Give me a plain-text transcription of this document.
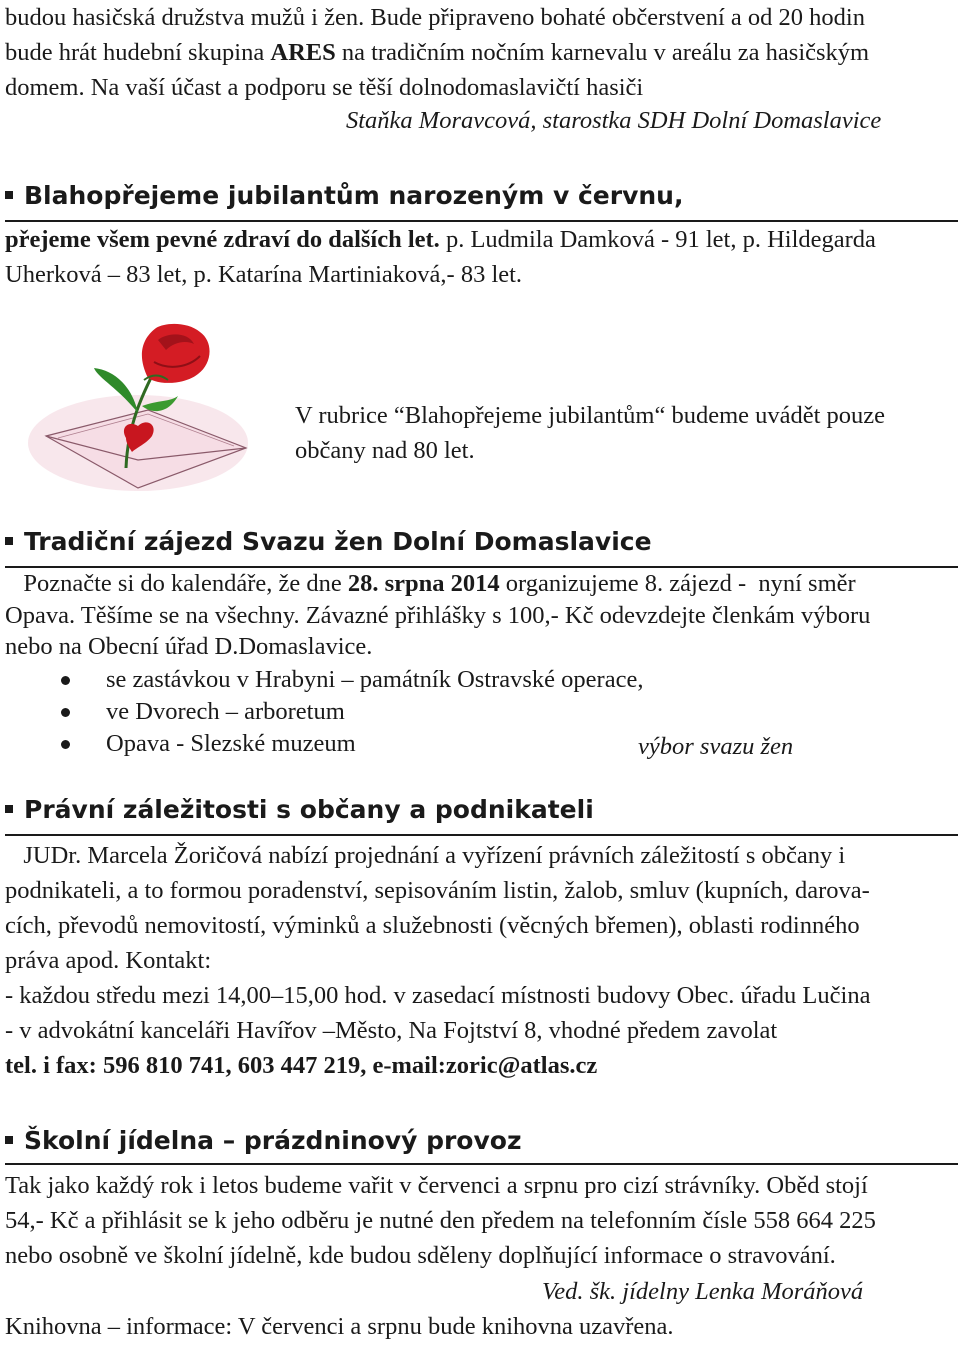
budou hasičská družstva mužů i žen. Bude připraveno bohaté občerstvení a od 20 hodin
bude hrát hudební skupina ARES na tradičním nočním karnevalu v areálu za hasičským
domem. Na vaší účast a podporu se těší dolnodomaslavičtí hasiči
Staňka Moravcová, starostka SDH Dolní Domaslavice
Blahopřejeme jubilantům narozeným v červnu,
přejeme všem pevné zdraví do dalších let. p. Ludmila Damková - 91 let, p. Hildegarda
Uherková – 83 let, p. Katarína Martiniaková,- 83 let.
V rubrice “Blahopřejeme jubilantům“ budeme uvádět pouze
občany nad 80 let.
Tradiční zájezd Svazu žen Dolní Domaslavice
Poznačte si do kalendáře, že dne 28. srpna 2014 organizujeme 8. zájezd -  nyní směr
Opava. Těšíme se na všechny. Závazné přihlášky s 100,- Kč odevzdejte členkám výboru
nebo na Obecní úřad D.Domaslavice.
se zastávkou v Hrabyni – památník Ostravské operace,
ve Dvorech – arboretum
Opava - Slezské muzeum	výbor svazu žen
Právní záležitosti s občany a podnikateli
JUDr. Marcela Žoričová nabízí projednání a vyřízení právních záležitostí s občany i
podnikateli, a to formou poradenství, sepisováním listin, žalob, smluv (kupních, darova-
cích, převodů nemovitostí, výminků a služebnosti (věcných břemen), oblasti rodinného
práva apod. Kontakt:
- každou středu mezi 14,00–15,00 hod. v zasedací místnosti budovy Obec. úřadu Lučina
- v advokátní kanceláři Havířov –Město, Na Fojtství 8, vhodné předem zavolat
tel. i fax: 596 810 741, 603 447 219, e-mail:zoric@atlas.cz
Školní jídelna – prázdninový provoz
Tak jako každý rok i letos budeme vařit v červenci a srpnu pro cizí strávníky. Oběd stojí
54,- Kč a přihlásit se k jeho odběru je nutné den předem na telefonním čísle 558 664 225
nebo osobně ve školní jídelně, kde budou sděleny doplňující informace o stravování.
Ved. šk. jídelny Lenka Moráňová
Knihovna – informace: V červenci a srpnu bude knihovna uzavřena.
